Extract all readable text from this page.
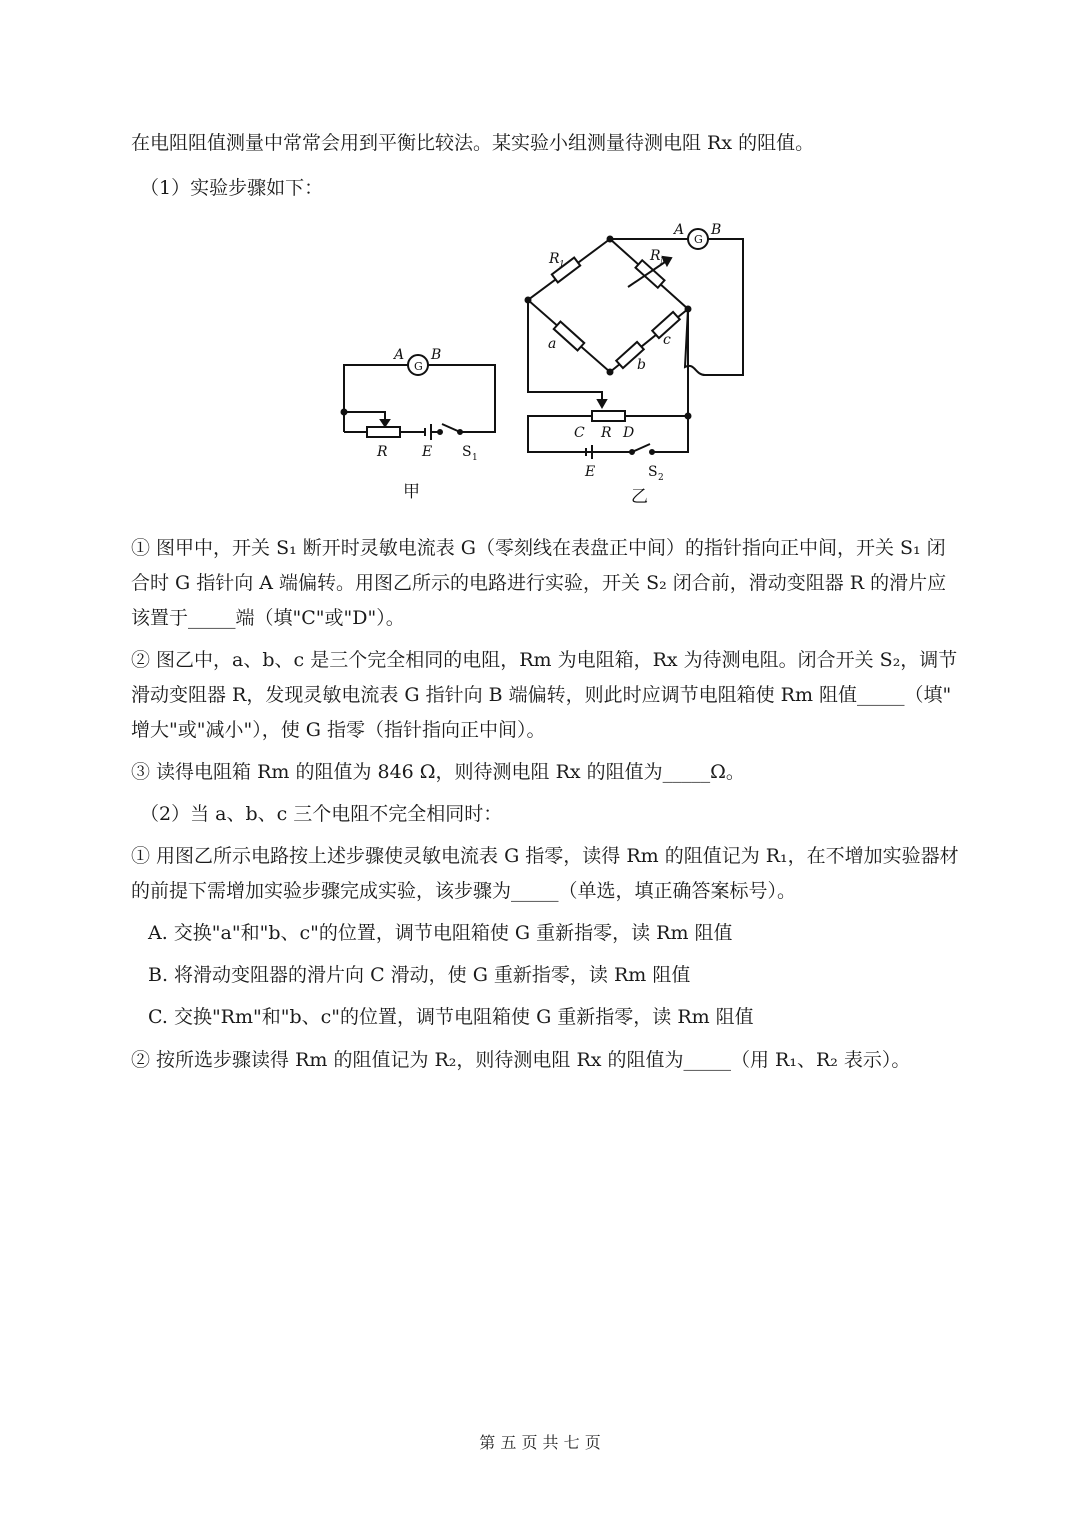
在电阻阻值测量中常常会用到平衡比较法。某实验小组测量待测电阻 Rx 的阻值。
（1）实验步骤如下：
A B
G
R E S 1
甲
A B
G
R 1
R M
a
b
c
C R D
E	S 2
乙
① 图甲中，开关 S₁ 断开时灵敏电流表 G（零刻线在表盘正中间）的指针指向正中间，开关 S₁ 闭
合时 G 指针向 A 端偏转。用图乙所示的电路进行实验，开关 S₂ 闭合前，滑动变阻器 R 的滑片应
该置于_____端（填"C"或"D"）。
② 图乙中，a、b、c 是三个完全相同的电阻，Rm 为电阻箱，Rx 为待测电阻。闭合开关 S₂，调节
滑动变阻器 R，发现灵敏电流表 G 指针向 B 端偏转，则此时应调节电阻箱使 Rm 阻值_____（填"
增大"或"减小"），使 G 指零（指针指向正中间）。
③ 读得电阻箱 Rm 的阻值为 846 Ω，则待测电阻 Rx 的阻值为_____Ω。
（2）当 a、b、c 三个电阻不完全相同时：
① 用图乙所示电路按上述步骤使灵敏电流表 G 指零，读得 Rm 的阻值记为 R₁，在不增加实验器材
的前提下需增加实验步骤完成实验，该步骤为_____（单选，填正确答案标号）。
A. 交换"a"和"b、c"的位置，调节电阻箱使 G 重新指零，读 Rm 阻值
B. 将滑动变阻器的滑片向 C 滑动，使 G 重新指零，读 Rm 阻值
C. 交换"Rm"和"b、c"的位置，调节电阻箱使 G 重新指零，读 Rm 阻值
② 按所选步骤读得 Rm 的阻值记为 R₂，则待测电阻 Rx 的阻值为_____（用 R₁、R₂ 表示）。
第 五 页 共 七 页
